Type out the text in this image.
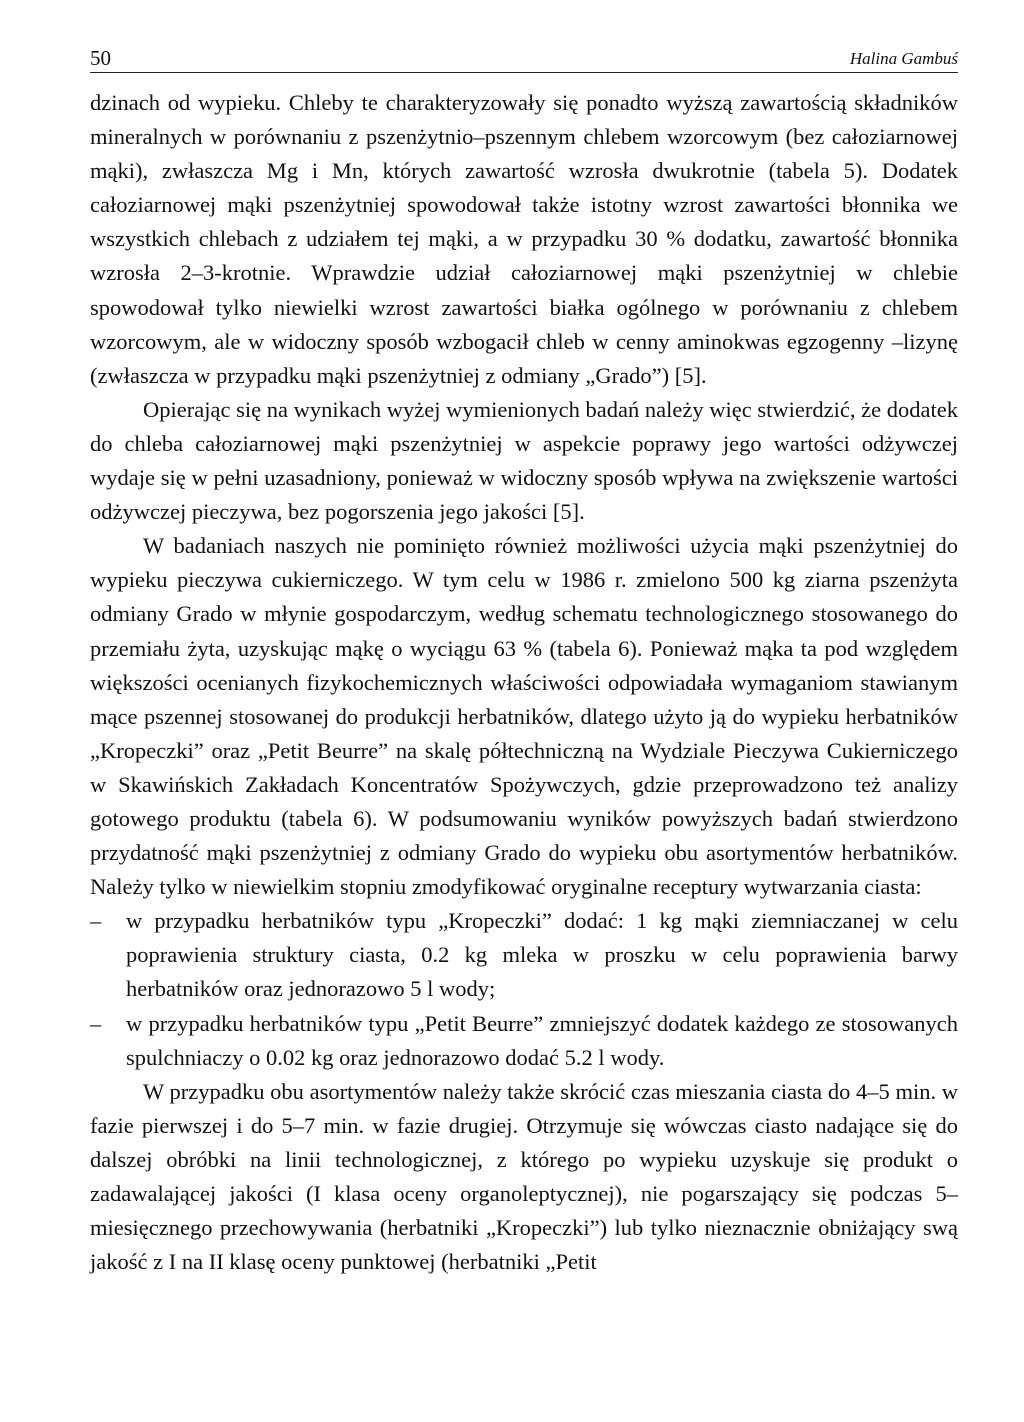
50	Halina Gambuś

dzinach od wypieku. Chleby te charakteryzowały się ponadto wyższą zawartością składników mineralnych w porównaniu z pszenżytnio–pszennym chlebem wzorcowym (bez całoziarnowej mąki), zwłaszcza Mg i Mn, których zawartość wzrosła dwukrotnie (tabela 5). Dodatek całoziarnowej mąki pszenżytniej spowodował także istotny wzrost zawartości błonnika we wszystkich chlebach z udziałem tej mąki, a w przypadku 30 % dodatku, zawartość błonnika wzrosła 2–3-krotnie. Wprawdzie udział całoziarnowej mąki pszenżytniej w chlebie spowodował tylko niewielki wzrost zawartości białka ogólnego w porównaniu z chlebem wzorcowym, ale w widoczny sposób wzbogacił chleb w cenny aminokwas egzogenny –lizynę (zwłaszcza w przypadku mąki pszenżytniej z odmiany „Grado”) [5].

Opierając się na wynikach wyżej wymienionych badań należy więc stwierdzić, że dodatek do chleba całoziarnowej mąki pszenżytniej w aspekcie poprawy jego wartości odżywczej wydaje się w pełni uzasadniony, ponieważ w widoczny sposób wpływa na zwiększenie wartości odżywczej pieczywa, bez pogorszenia jego jakości [5].

W badaniach naszych nie pominięto również możliwości użycia mąki pszenżytniej do wypieku pieczywa cukierniczego. W tym celu w 1986 r. zmielono 500 kg ziarna pszenżyta odmiany Grado w młynie gospodarczym, według schematu technologicznego stosowanego do przemiału żyta, uzyskując mąkę o wyciągu 63 % (tabela 6). Ponieważ mąka ta pod względem większości ocenianych fizykochemicznych właściwości odpowiadała wymaganiom stawianym mące pszennej stosowanej do produkcji herbatników, dlatego użyto ją do wypieku herbatników „Kropeczki” oraz „Petit Beurre” na skalę półtechniczną na Wydziale Pieczywa Cukierniczego w Skawińskich Zakładach Koncentratów Spożywczych, gdzie przeprowadzono też analizy gotowego produktu (tabela 6). W podsumowaniu wyników powyższych badań stwierdzono przydatność mąki pszenżytniej z odmiany Grado do wypieku obu asortymentów herbatników. Należy tylko w niewielkim stopniu zmodyfikować oryginalne receptury wytwarzania ciasta:

– w przypadku herbatników typu „Kropeczki” dodać: 1 kg mąki ziemniaczanej w celu poprawienia struktury ciasta, 0.2 kg mleka w proszku w celu poprawienia barwy herbatników oraz jednorazowo 5 l wody;
– w przypadku herbatników typu „Petit Beurre” zmniejszyć dodatek każdego ze stosowanych spulchniaczy o 0.02 kg oraz jednorazowo dodać 5.2 l wody.

W przypadku obu asortymentów należy także skrócić czas mieszania ciasta do 4–5 min. w fazie pierwszej i do 5–7 min. w fazie drugiej. Otrzymuje się wówczas ciasto nadające się do dalszej obróbki na linii technologicznej, z którego po wypieku uzyskuje się produkt o zadawalającej jakości (I klasa oceny organoleptycznej), nie pogarszający się podczas 5–miesięcznego przechowywania (herbatniki „Kropeczki”) lub tylko nieznacznie obniżający swą jakość z I na II klasę oceny punktowej (herbatniki „Petit
